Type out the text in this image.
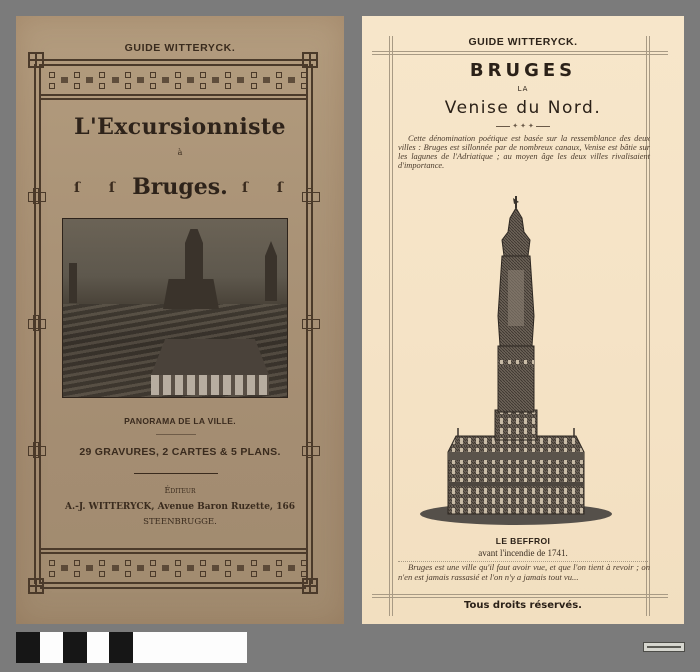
GUIDE WITTERYCK.
L'Excursionniste
à
ſ ſ Bruges.	ſ ſ
PANORAMA DE LA VILLE.
29 GRAVURES, 2 CARTES & 5 PLANS.
Éditeur
A.-J. WITTERYCK, Avenue Baron Ruzette, 166
STEENBRUGGE.
GUIDE WITTERYCK.
BRUGES
LA
Venise du Nord.
✦ ✦ ✦
Cette dénomination poétique est basée sur la ressemblance des deux villes : Bruges est sillonnée par de nombreux canaux, Venise est bâtie sur les lagunes de l'Adriatique ; au moyen âge les deux villes rivalisaient d'importance.
LE BEFFROI
avant l'incendie de 1741.
Bruges est une ville qu'il faut avoir vue, et que l'on tient à revoir ; on n'en est jamais rassasié et l'on n'y a jamais tout vu...
Tous droits réservés.
